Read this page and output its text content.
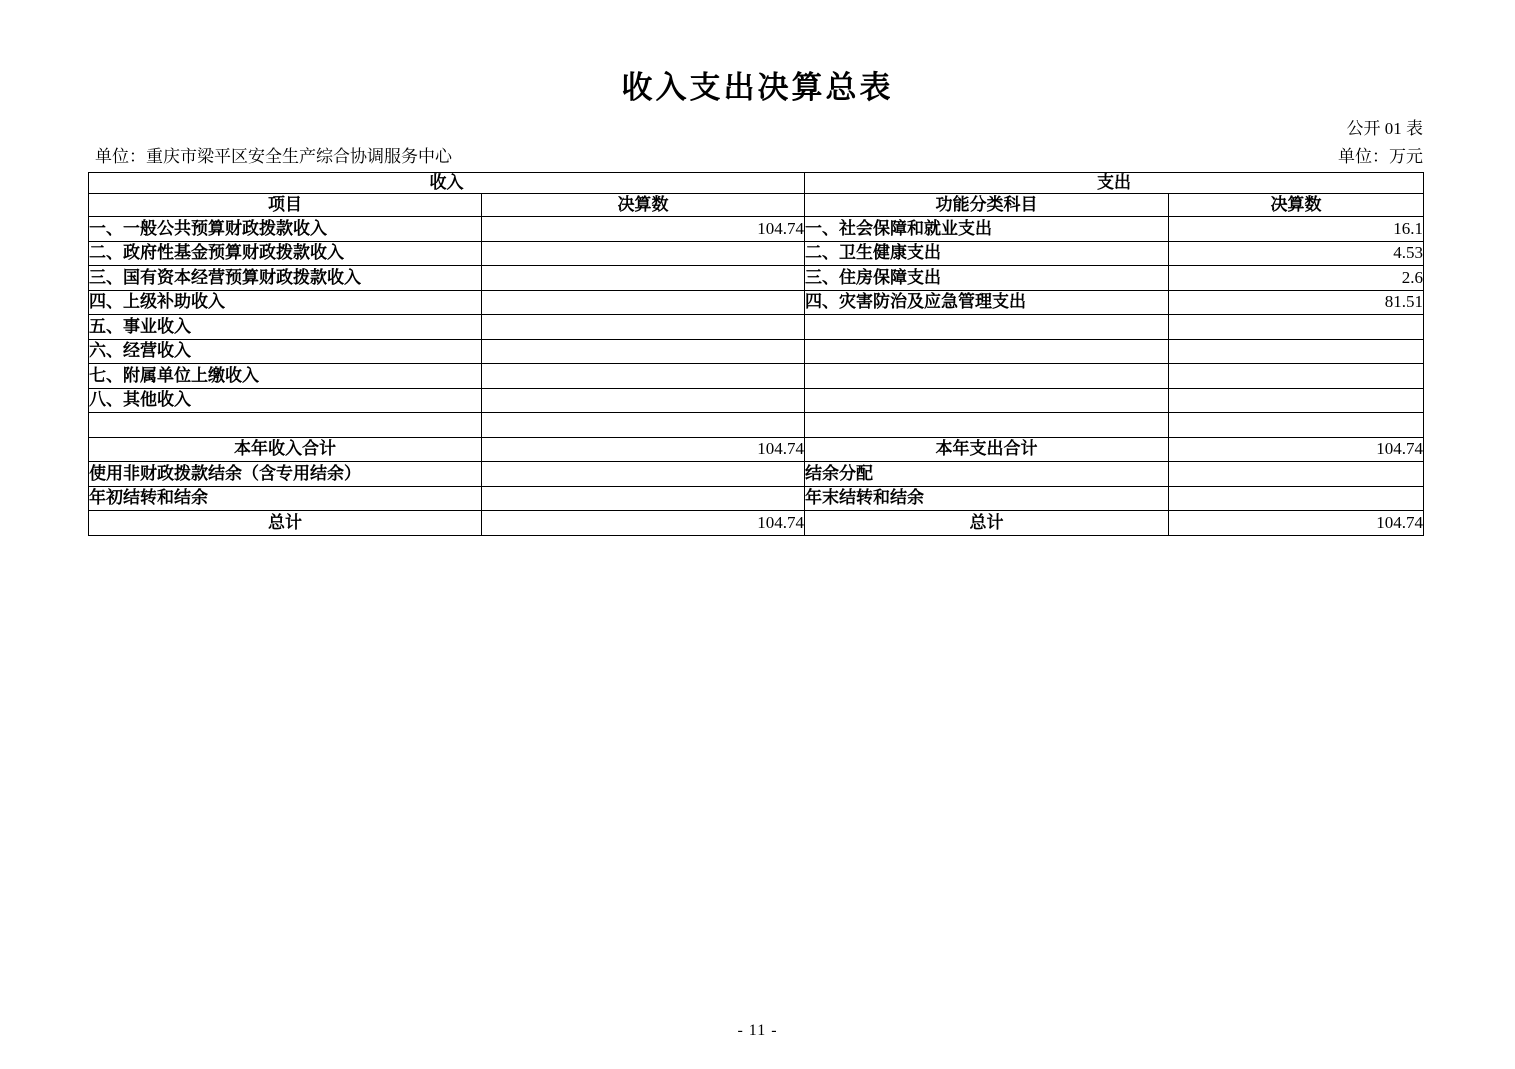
收入支出决算总表
公开 01 表
单位：重庆市梁平区安全生产综合协调服务中心	单位：万元
收入		支出	
项目	决算数	功能分类科目	决算数
一、一般公共预算财政拨款收入	104.74	一、社会保障和就业支出	16.1
二、政府性基金预算财政拨款收入		二、卫生健康支出	4.53
三、国有资本经营预算财政拨款收入		三、住房保障支出	2.6
四、上级补助收入		四、灾害防治及应急管理支出	81.51
五、事业收入			
六、经营收入			
七、附属单位上缴收入			
八、其他收入			

本年收入合计	104.74	本年支出合计	104.74
使用非财政拨款结余（含专用结余）		结余分配	
年初结转和结余		年末结转和结余	
总计	104.74	总计	104.74
- 11 -
